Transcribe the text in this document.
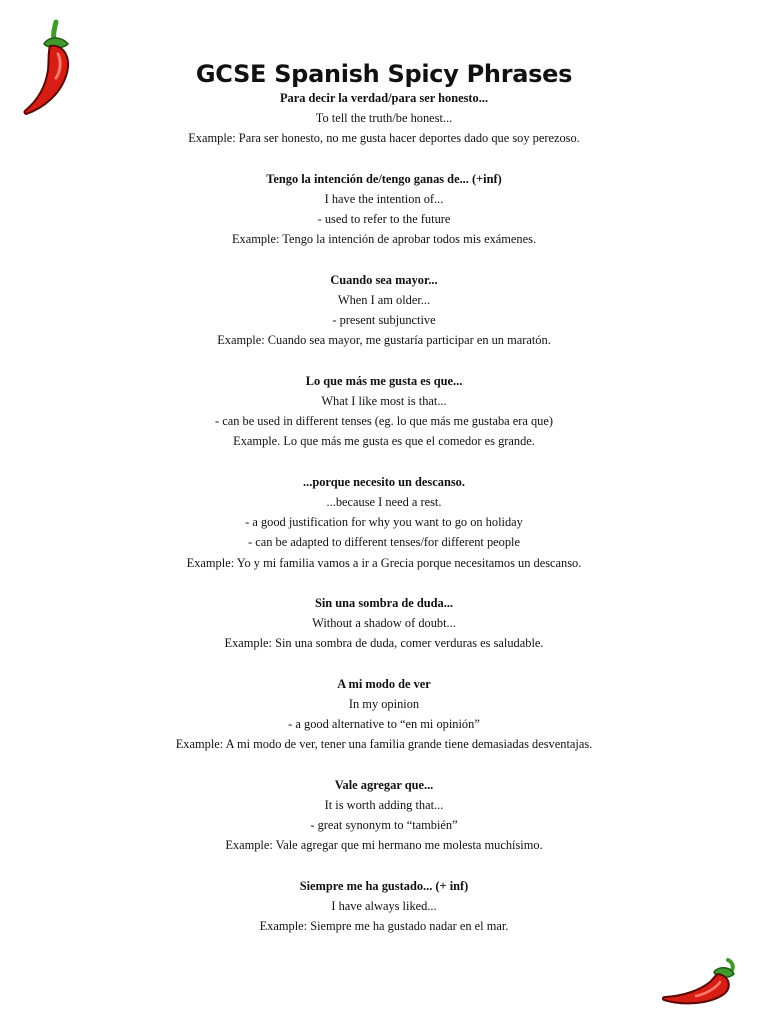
GCSE Spanish Spicy Phrases
Para decir la verdad/para ser honesto...
To tell the truth/be honest...
Example: Para ser honesto, no me gusta hacer deportes dado que soy perezoso.
Tengo la intención de/tengo ganas de... (+inf)
I have the intention of...
- used to refer to the future
Example: Tengo la intención de aprobar todos mis exámenes.
Cuando sea mayor...
When I am older...
- present subjunctive
Example: Cuando sea mayor, me gustaría participar en un maratón.
Lo que más me gusta es que...
What I like most is that...
- can be used in different tenses (eg. lo que más me gustaba era que)
Example. Lo que más me gusta es que el comedor es grande.
...porque necesito un descanso.
...because I need a rest.
- a good justification for why you want to go on holiday
- can be adapted to different tenses/for different people
Example: Yo y mi familia vamos a ir a Grecia porque necesitamos un descanso.
Sin una sombra de duda...
Without a shadow of doubt...
Example: Sin una sombra de duda, comer verduras es saludable.
A mi modo de ver
In my opinion
- a good alternative to “en mi opinión”
Example: A mi modo de ver, tener una familia grande tiene demasiadas desventajas.
Vale agregar que...
It is worth adding that...
- great synonym to “también”
Example: Vale agregar que mi hermano me molesta muchísimo.
Siempre me ha gustado... (+ inf)
I have always liked...
Example: Siempre me ha gustado nadar en el mar.
